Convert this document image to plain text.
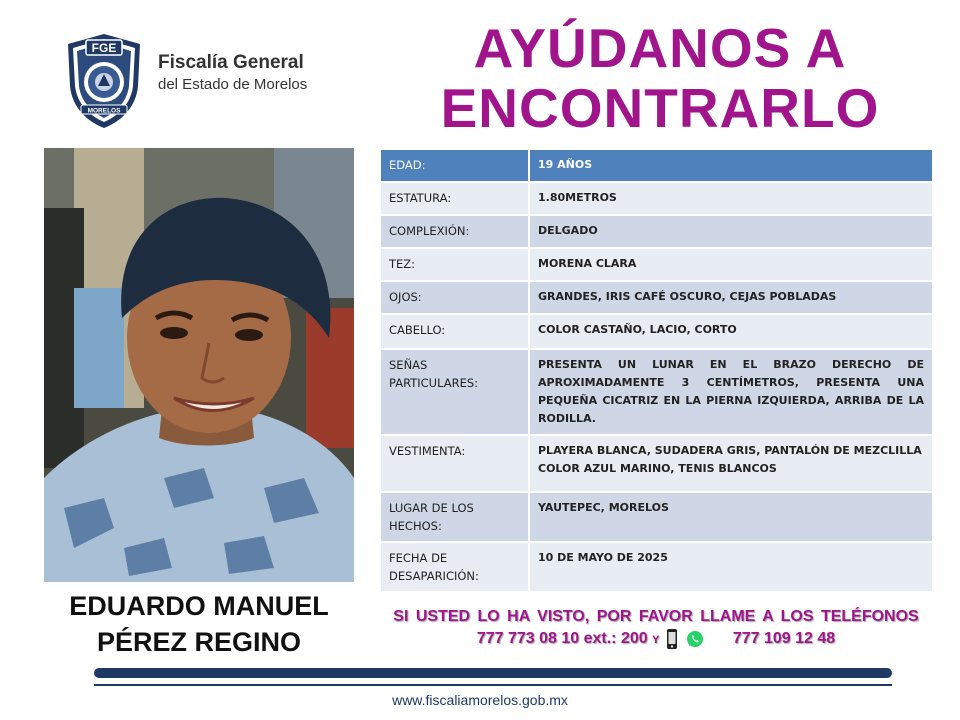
FGE
MORELOS
Fiscalía General
del Estado de Morelos
AYÚDANOS A
ENCONTRARLO
EDUARDO MANUEL
PÉREZ REGINO
EDAD:	19 AÑOS
ESTATURA:	1.80METROS
COMPLEXIÓN:	DELGADO
TEZ:	MORENA CLARA
OJOS:	GRANDES, IRIS CAFÉ OSCURO, CEJAS POBLADAS
CABELLO:	COLOR CASTAÑO, LACIO, CORTO
SEÑAS PARTICULARES:	PRESENTA UN LUNAR EN EL BRAZO DERECHO DE APROXIMADAMENTE 3 CENTÍMETROS, PRESENTA UNA PEQUEÑA CICATRIZ EN LA PIERNA IZQUIERDA, ARRIBA DE LA RODILLA.
VESTIMENTA:	PLAYERA BLANCA, SUDADERA GRIS, PANTALÓN DE MEZCLILLA COLOR AZUL MARINO, TENIS BLANCOS
LUGAR DE LOS HECHOS:	YAUTEPEC, MORELOS
FECHA DE DESAPARICIÓN:	10 DE MAYO DE 2025
SI USTED LO HA VISTO, POR FAVOR LLAME A LOS TELÉFONOS
777 773 08 10 ext.: 200 Y	777 109 12 48
www.fiscaliamorelos.gob.mx
